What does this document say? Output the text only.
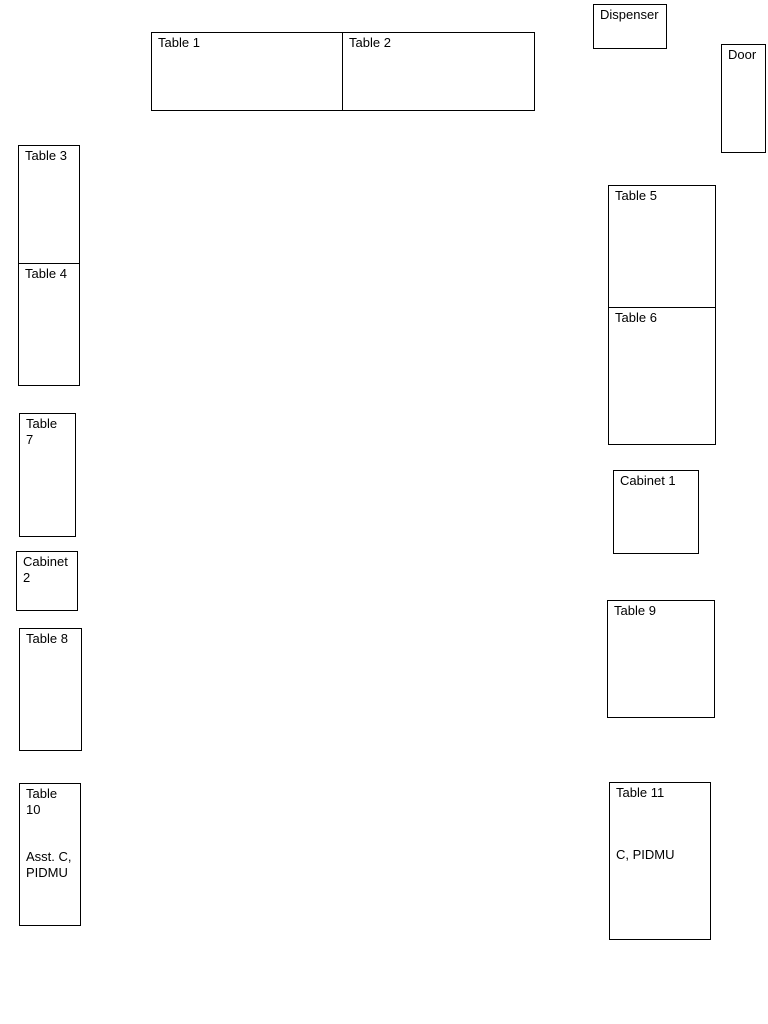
Table 1	Table 2
Dispenser
Door
Table 3
Table 4
Table
7
Cabinet
2
Table 8
Table
10
Asst. C,
PIDMU
Table 5
Table 6
Cabinet 1
Table 9
Table 11
C, PIDMU
